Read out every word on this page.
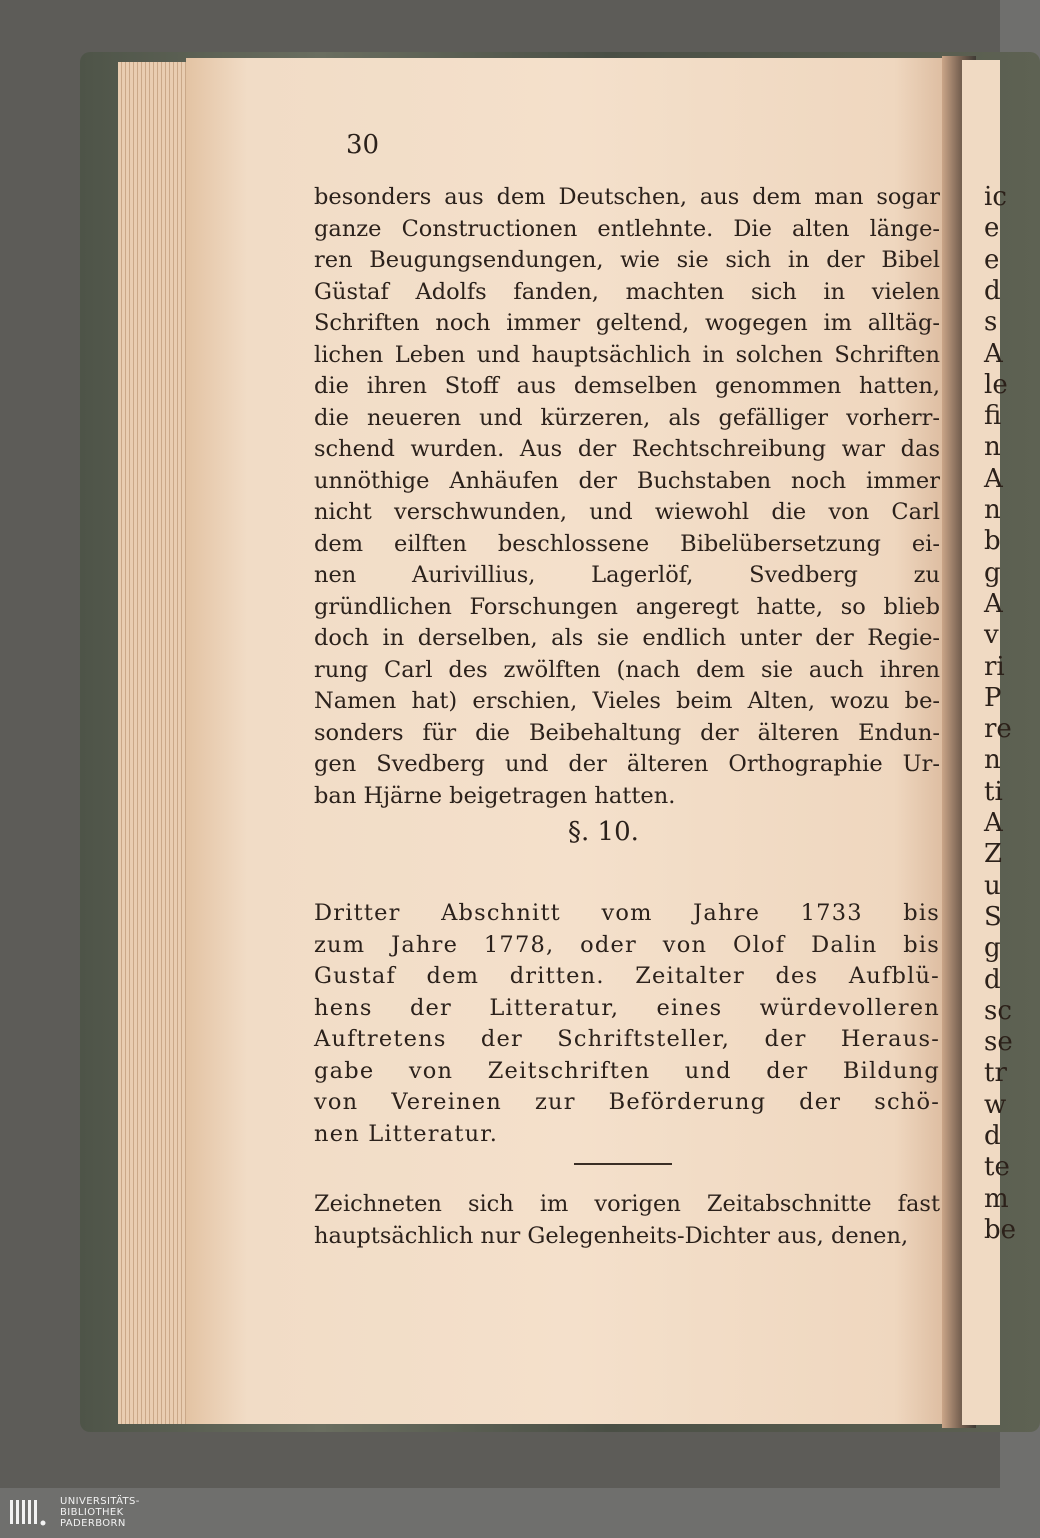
ic
e
e
d
s
A
le
fi
n
A
n
b
g
A
v
ri
P
re
n
ti
A
Z
u
S
g
d
sc
se
tr
w
d
te
m
be
30
besonders aus dem Deutschen, aus dem man sogar
ganze Constructionen entlehnte. Die alten länge-
ren Beugungsendungen, wie sie sich in der Bibel
Güstaf Adolfs fanden, machten sich in vielen
Schriften noch immer geltend, wogegen im alltäg-
lichen Leben und hauptsächlich in solchen Schriften
die ihren Stoff aus demselben genommen hatten,
die neueren und kürzeren, als gefälliger vorherr-
schend wurden. Aus der Rechtschreibung war das
unnöthige Anhäufen der Buchstaben noch immer
nicht verschwunden, und wiewohl die von Carl
dem eilften beschlossene Bibelübersetzung ei-
nen Aurivillius, Lagerlöf, Svedberg zu
gründlichen Forschungen angeregt hatte, so blieb
doch in derselben, als sie endlich unter der Regie-
rung Carl des zwölften (nach dem sie auch ihren
Namen hat) erschien, Vieles beim Alten, wozu be-
sonders für die Beibehaltung der älteren Endun-
gen Svedberg und der älteren Orthographie Ur-
ban Hjärne beigetragen hatten.
§. 10.
Dritter Abschnitt vom Jahre 1733 bis
zum Jahre 1778, oder von Olof Dalin bis
Gustaf dem dritten. Zeitalter des Aufblü-
hens der Litteratur, eines würdevolleren
Auftretens der Schriftsteller, der Heraus-
gabe von Zeitschriften und der Bildung
von Vereinen zur Beförderung der schö-
nen Litteratur.
Zeichneten sich im vorigen Zeitabschnitte fast
hauptsächlich nur Gelegenheits-Dichter aus, denen,
UNIVERSITÄTS-
BIBLIOTHEK
PADERBORN
